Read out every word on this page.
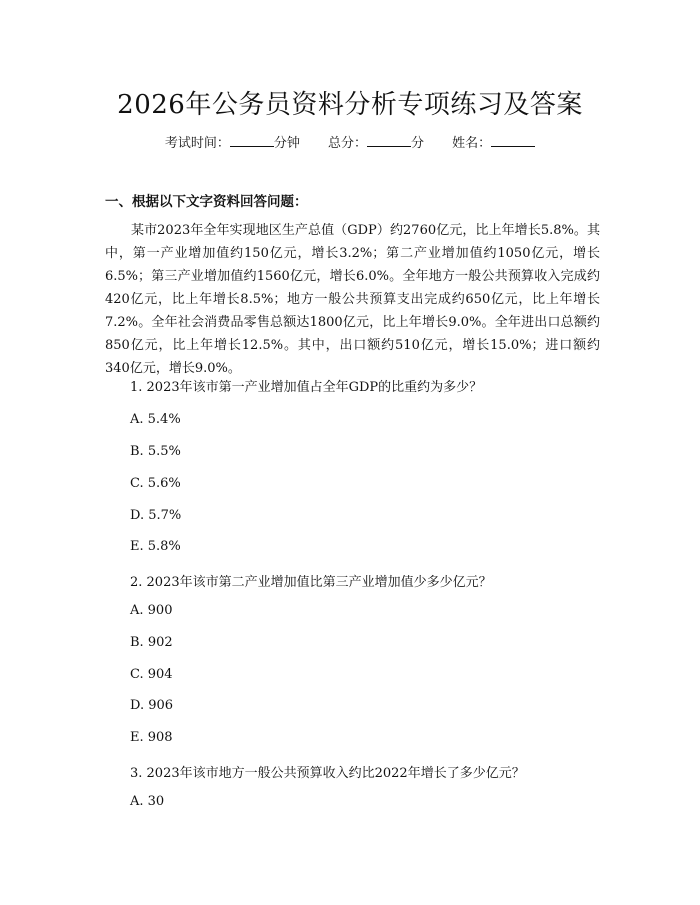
2026年公务员资料分析专项练习及答案
考试时间：	分钟 总分：	分 姓名：
一、根据以下文字资料回答问题：

某市2023年全年实现地区生产总值（GDP）约2760亿元，比上年增长5.8%。其中，第一产业增加值约150亿元，增长3.2%；第二产业增加值约1050亿元，增长6.5%；第三产业增加值约1560亿元，增长6.0%。全年地方一般公共预算收入完成约420亿元，比上年增长8.5%；地方一般公共预算支出完成约650亿元，比上年增长7.2%。全年社会消费品零售总额达1800亿元，比上年增长9.0%。全年进出口总额约850亿元，比上年增长12.5%。其中，出口额约510亿元，增长15.0%；进口额约340亿元，增长9.0%。

1. 2023年该市第一产业增加值占全年GDP的比重约为多少？
A. 5.4%
B. 5.5%
C. 5.6%
D. 5.7%
E. 5.8%
2. 2023年该市第二产业增加值比第三产业增加值少多少亿元？
A. 900
B. 902
C. 904
D. 906
E. 908
3. 2023年该市地方一般公共预算收入约比2022年增长了多少亿元？
A. 30
